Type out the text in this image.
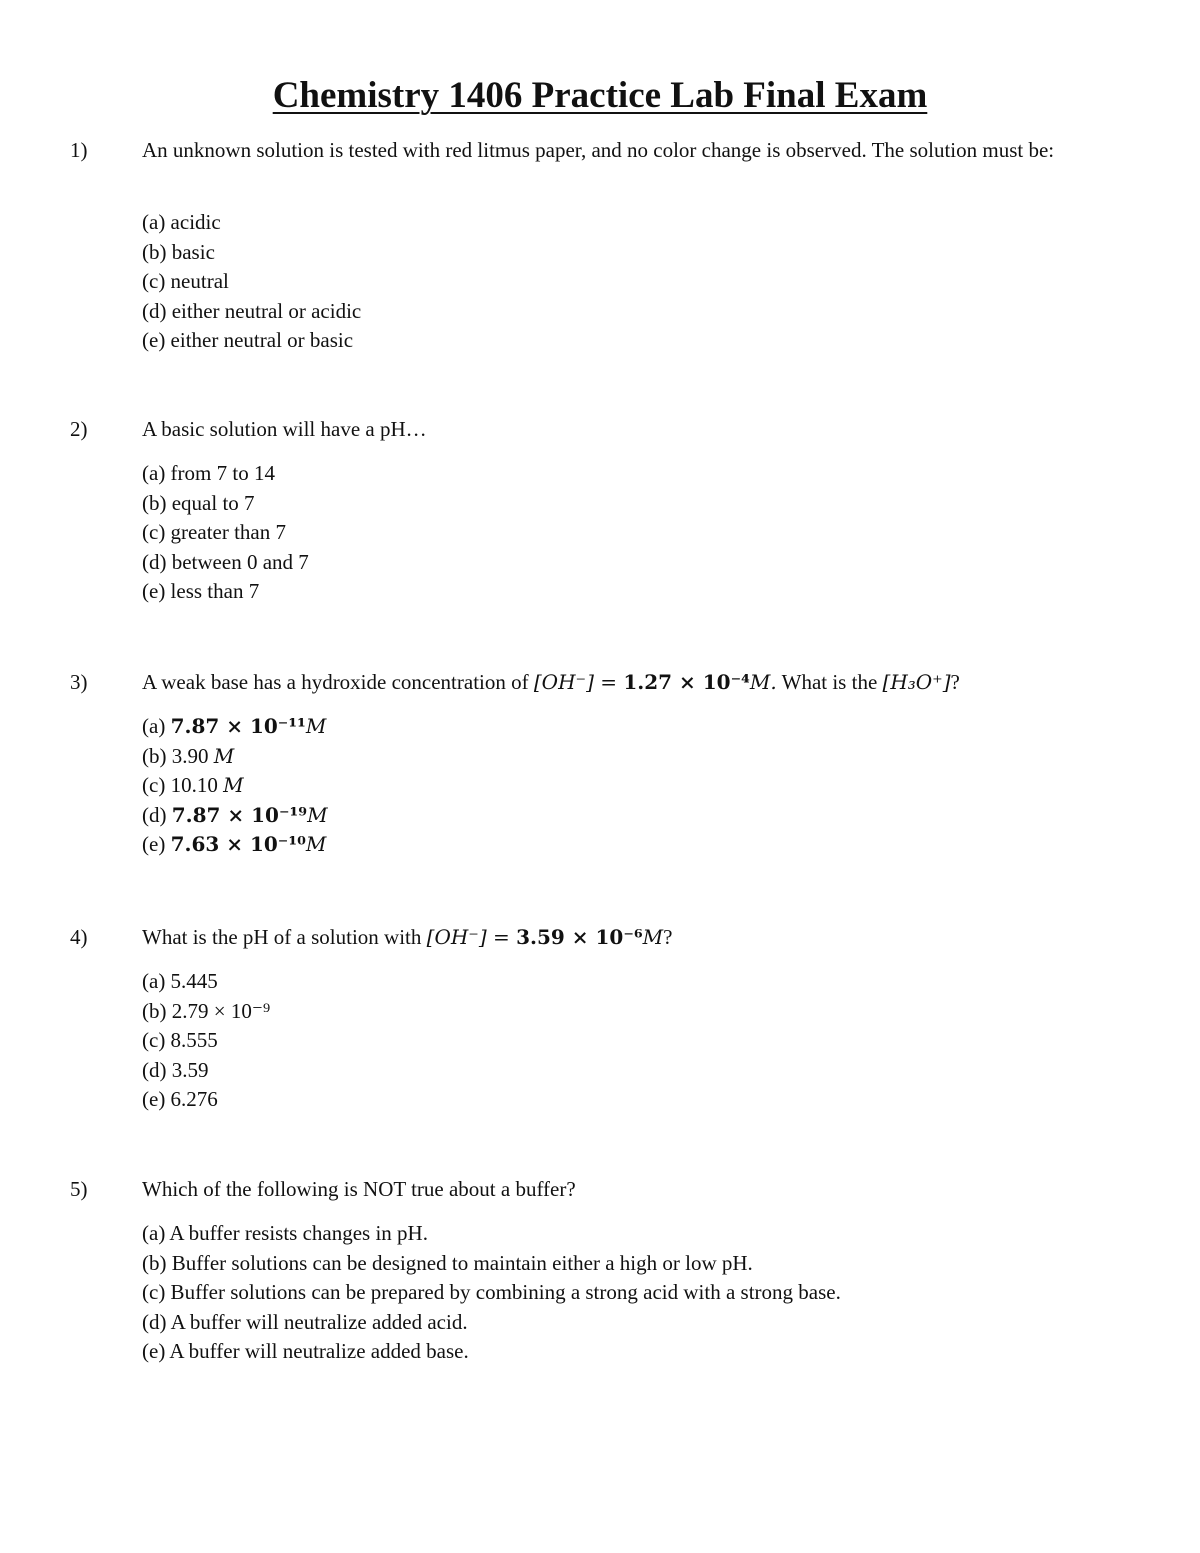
Chemistry 1406 Practice Lab Final Exam
1)	An unknown solution is tested with red litmus paper, and no color change is observed. The solution must be:
(a) acidic
(b) basic
(c) neutral
(d) either neutral or acidic
(e) either neutral or basic
2)	A basic solution will have a pH…
(a) from 7 to 14
(b) equal to 7
(c) greater than 7
(d) between 0 and 7
(e) less than 7
3)	A weak base has a hydroxide concentration of [OH⁻] = 1.27 × 10⁻⁴M. What is the [H₃O⁺]?
(a) 7.87 × 10⁻¹¹M
(b) 3.90 M
(c) 10.10 M
(d) 7.87 × 10⁻¹⁹M
(e) 7.63 × 10⁻¹⁰M
4)	What is the pH of a solution with [OH⁻] = 3.59 × 10⁻⁶M?
(a) 5.445
(b) 2.79 × 10⁻⁹
(c) 8.555
(d) 3.59
(e) 6.276
5)	Which of the following is NOT true about a buffer?
(a) A buffer resists changes in pH.
(b) Buffer solutions can be designed to maintain either a high or low pH.
(c) Buffer solutions can be prepared by combining a strong acid with a strong base.
(d) A buffer will neutralize added acid.
(e) A buffer will neutralize added base.
